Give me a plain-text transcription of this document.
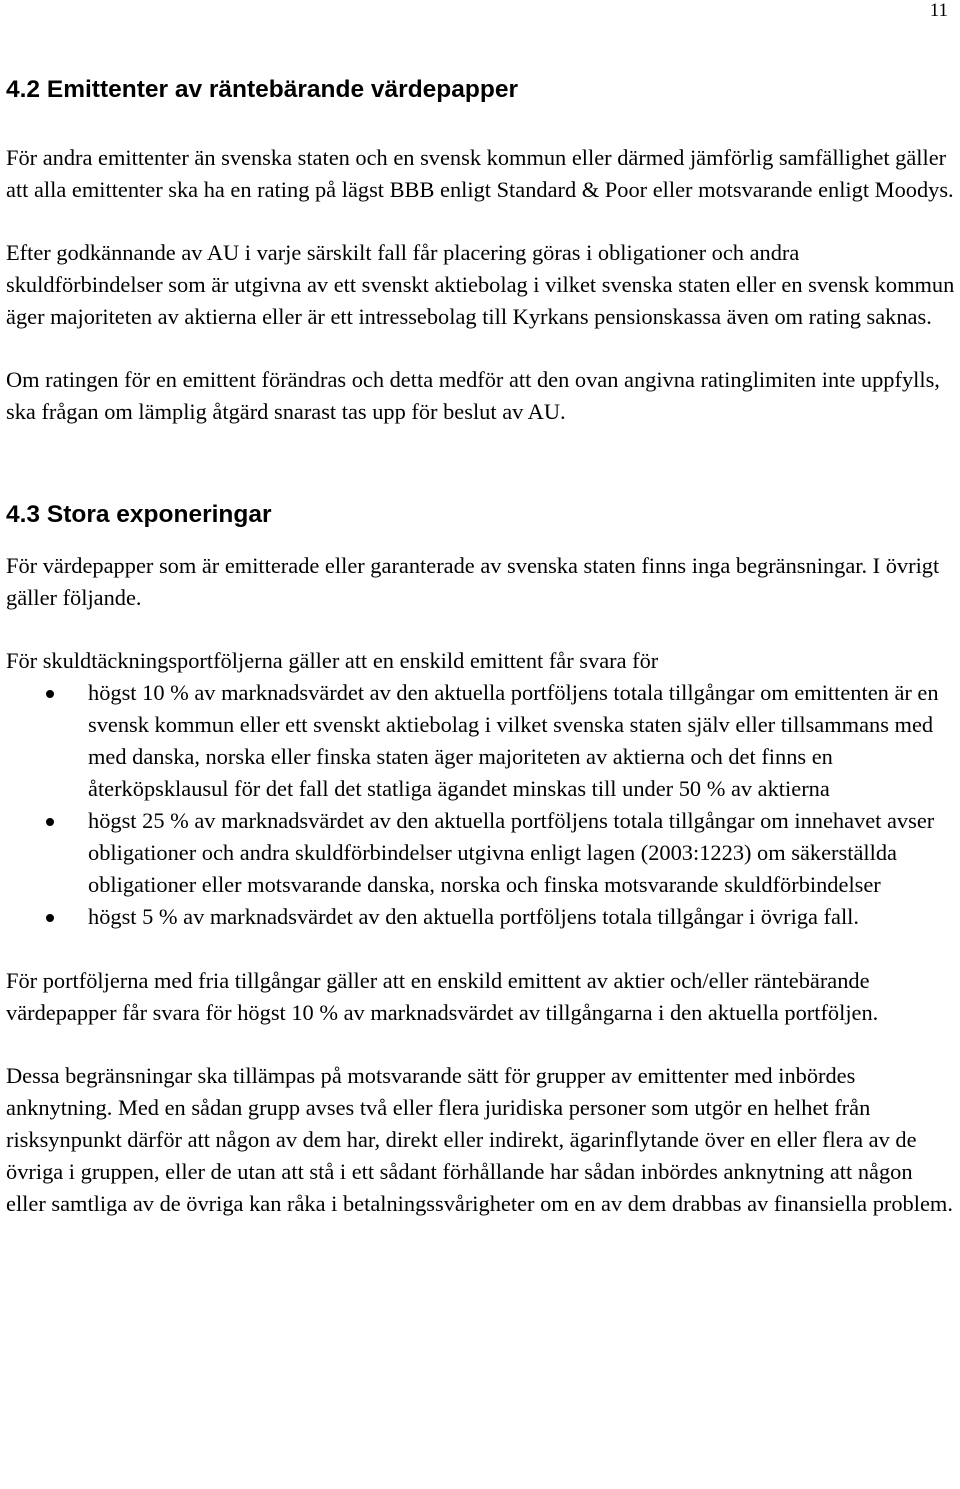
11
4.2 Emittenter av räntebärande värdepapper

För andra emittenter än svenska staten och en svensk kommun eller därmed jämförlig samfällighet gäller att alla emittenter ska ha en rating på lägst BBB enligt Standard & Poor eller motsvarande enligt Moodys.

Efter godkännande av AU i varje särskilt fall får placering göras i obligationer och andra skuldförbindelser som är utgivna av ett svenskt aktiebolag i vilket svenska staten eller en svensk kommun äger majoriteten av aktierna eller är ett intressebolag till Kyrkans pensionskassa även om rating saknas.

Om ratingen för en emittent förändras och detta medför att den ovan angivna ratinglimiten inte uppfylls, ska frågan om lämplig åtgärd snarast tas upp för beslut av AU.

4.3 Stora exponeringar

För värdepapper som är emitterade eller garanterade av svenska staten finns inga begränsningar. I övrigt gäller följande.

För skuldtäckningsportföljerna gäller att en enskild emittent får svara för

högst 10 % av marknadsvärdet av den aktuella portföljens totala tillgångar om emittenten är en svensk kommun eller ett svenskt aktiebolag i vilket svenska staten själv eller tillsammans med med danska, norska eller finska staten äger majoriteten av aktierna och det finns en återköpsklausul för det fall det statliga ägandet minskas till under 50 % av aktierna
högst 25 % av marknadsvärdet av den aktuella portföljens totala tillgångar om innehavet avser obligationer och andra skuldförbindelser utgivna enligt lagen (2003:1223) om säkerställda obligationer eller motsvarande danska, norska och finska motsvarande skuldförbindelser
högst 5 % av marknadsvärdet av den aktuella portföljens totala tillgångar i övriga fall.

För portföljerna med fria tillgångar gäller att en enskild emittent av aktier och/eller räntebärande värdepapper får svara för högst 10 % av marknadsvärdet av tillgångarna i den aktuella portföljen.

Dessa begränsningar ska tillämpas på motsvarande sätt för grupper av emittenter med inbördes anknytning. Med en sådan grupp avses två eller flera juridiska personer som utgör en helhet från risksynpunkt därför att någon av dem har, direkt eller indirekt, ägarinflytande över en eller flera av de övriga i gruppen, eller de utan att stå i ett sådant förhållande har sådan inbördes anknytning att någon eller samtliga av de övriga kan råka i betalningssvårigheter om en av dem drabbas av finansiella problem.
